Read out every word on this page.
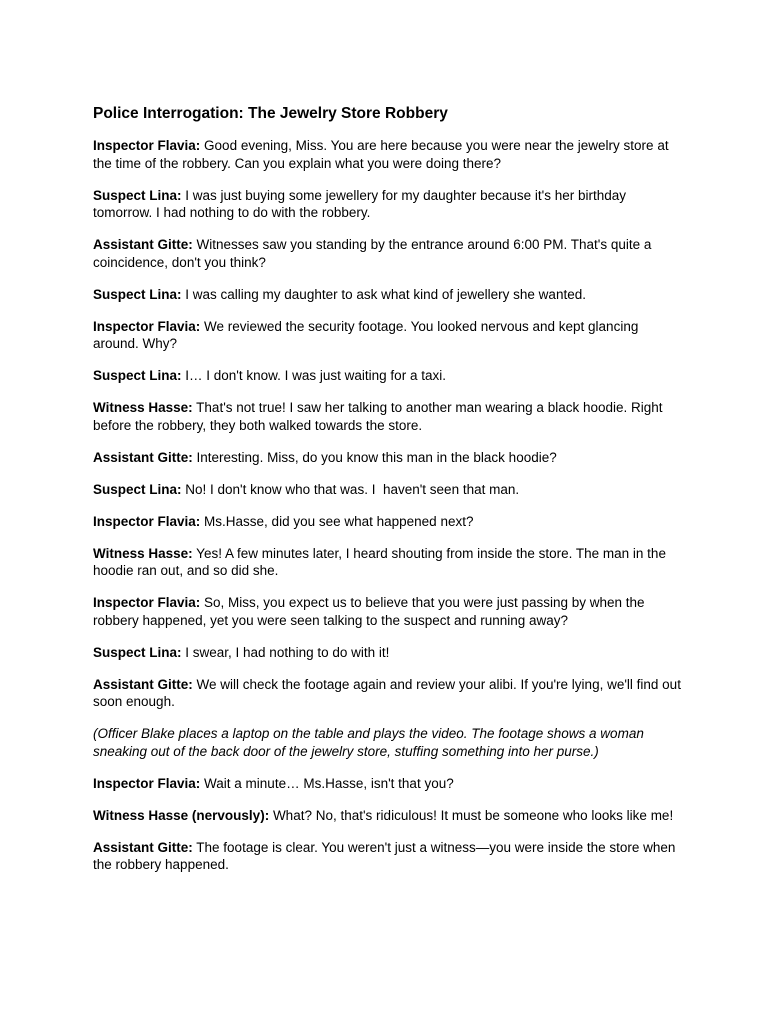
Police Interrogation: The Jewelry Store Robbery

Inspector Flavia: Good evening, Miss. You are here because you were near the jewelry store at the time of the robbery. Can you explain what you were doing there?

Suspect Lina: I was just buying some jewellery for my daughter because it's her birthday tomorrow. I had nothing to do with the robbery.

Assistant Gitte: Witnesses saw you standing by the entrance around 6:00 PM. That's quite a coincidence, don't you think?

Suspect Lina: I was calling my daughter to ask what kind of jewellery she wanted.

Inspector Flavia: We reviewed the security footage. You looked nervous and kept glancing around. Why?

Suspect Lina: I… I don't know. I was just waiting for a taxi.

Witness Hasse: That's not true! I saw her talking to another man wearing a black hoodie. Right before the robbery, they both walked towards the store.

Assistant Gitte: Interesting. Miss, do you know this man in the black hoodie?

Suspect Lina: No! I don't know who that was. I  haven't seen that man.

Inspector Flavia: Ms.Hasse, did you see what happened next?

Witness Hasse: Yes! A few minutes later, I heard shouting from inside the store. The man in the hoodie ran out, and so did she.

Inspector Flavia: So, Miss, you expect us to believe that you were just passing by when the robbery happened, yet you were seen talking to the suspect and running away?

Suspect Lina: I swear, I had nothing to do with it!

Assistant Gitte: We will check the footage again and review your alibi. If you're lying, we'll find out soon enough.

(Officer Blake places a laptop on the table and plays the video. The footage shows a woman sneaking out of the back door of the jewelry store, stuffing something into her purse.)

Inspector Flavia: Wait a minute… Ms.Hasse, isn't that you?

Witness Hasse (nervously): What? No, that's ridiculous! It must be someone who looks like me!

Assistant Gitte: The footage is clear. You weren't just a witness—you were inside the store when the robbery happened.
